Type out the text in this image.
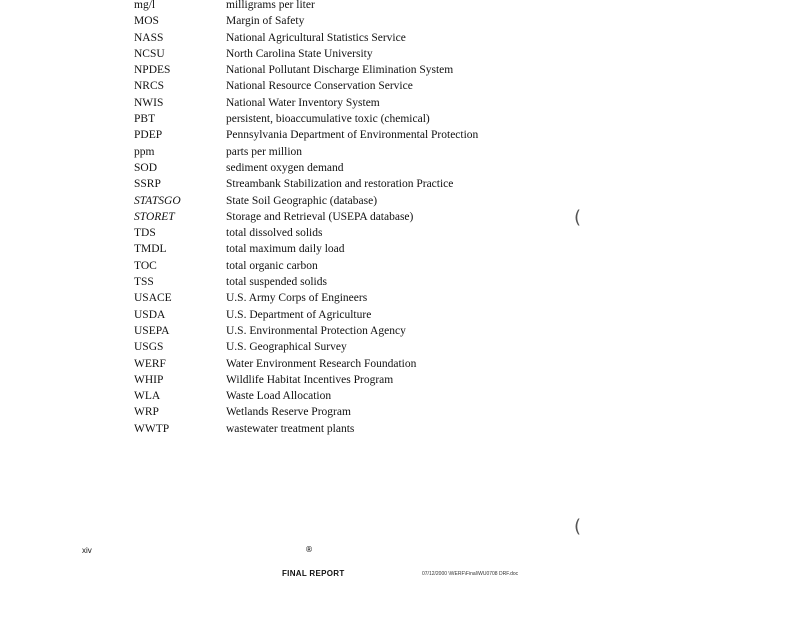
mg/l	milligrams per liter
MOS	Margin of Safety
NASS	National Agricultural Statistics Service
NCSU	North Carolina State University
NPDES	National Pollutant Discharge Elimination System
NRCS	National Resource Conservation Service
NWIS	National Water Inventory System
PBT	persistent, bioaccumulative toxic (chemical)
PDEP	Pennsylvania Department of Environmental Protection
ppm	parts per million
SOD	sediment oxygen demand
SSRP	Streambank Stabilization and restoration Practice
STATSGO	State Soil Geographic (database)
STORET	Storage and Retrieval (USEPA database)
TDS	total dissolved solids
TMDL	total maximum daily load
TOC	total organic carbon
TSS	total suspended solids
USACE	U.S. Army Corps of Engineers
USDA	U.S. Department of Agriculture
USEPA	U.S. Environmental Protection Agency
USGS	U.S. Geographical Survey
WERF	Water Environment Research Foundation
WHIP	Wildlife Habitat Incentives Program
WLA	Waste Load Allocation
WRP	Wetlands Reserve Program
WWTP	wastewater treatment plants
(
(
xiv	®
FINAL REPORT	07/12/2000 \WERF\Final\WU0708 DRF.doc
